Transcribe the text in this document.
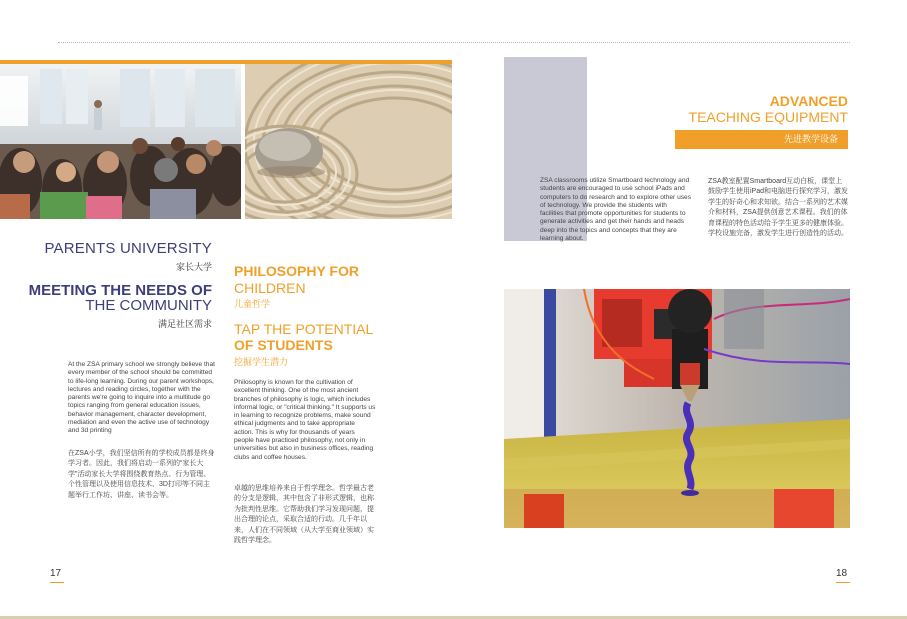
PARENTS UNIVERSITY
家长大学
MEETING THE NEEDS OF
THE COMMUNITY
满足社区需求

At the ZSA primary school we strongly believe that every member of the school should be committed to life-long learning. During our parent workshops, lectures and reading circles, together with the parents we're going to inquire into a multitude go topics ranging from general education issues, behavior management, character development, mediation and even the active use of technology and 3d printing

在ZSA小学，我们坚信所有的学校成员都是终身学习者。因此，我们将启动一系列的“家长大学”活动家长大学将围绕教育热点、行为管理、个性管理以及使用信息技术、3D打印等不同主题举行工作坊、讲座、读书会等。

PHILOSOPHY FOR
CHILDREN
儿童哲学
TAP THE POTENTIAL
OF STUDENTS
挖掘学生潜力

Philosophy is known for the cultivation of excellent thinking. One of the most ancient branches of philosophy is logic, which includes informal logic, or "critical thinking." It supports us in learning to recognize problems, make sound ethical judgments and to take appropriate action. This is why for thousands of years people have practiced philosophy, not only in universities but also in business offices, reading clubs and coffee houses.

卓越的思维培养来自于哲学理念。哲学最古老的分支是逻辑，其中包含了非形式逻辑，也称为批判性思维。它帮助我们学习发现问题，提出合理的论点，采取合适的行动。几千年以来，人们在不同领域（从大学至商业领域）实践哲学理念。

17
ADVANCED
TEACHING EQUIPMENT
先进教学设备

ZSA classrooms utilize Smartboard technology and students are encouraged to use school iPads and computers to do research and to explore other uses of technology. We provide the students with facilities that promote opportunities for students to generate activities and get their hands and heads deep into the topics and concepts that they are learning about.

ZSA教室配置Smartboard互动白板，课堂上鼓励学生使用iPad和电脑进行探究学习，激发学生的好奇心和求知欲。结合一系列的艺术媒介和材料，ZSA提供创意艺术课程。我们的体育课程的特色活动给予学生更多的健康体验。学校设施完备，激发学生进行创造性的活动。

18
